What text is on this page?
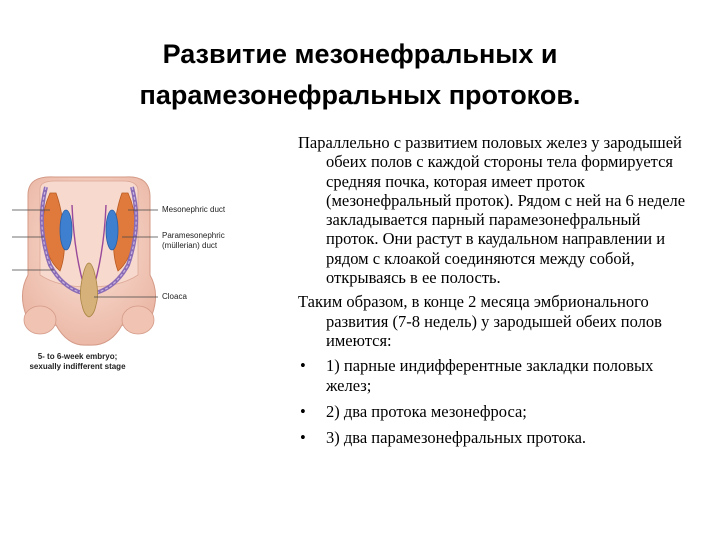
Развитие мезонефральных и
парамезонефральных протоков.
Mesonephric duct
Paramesonephric
(müllerian) duct
Cloaca
5- to 6-week embryo;
sexually indifferent stage

Параллельно с развитием половых желез у зародышей обеих полов с каждой стороны тела формируется средняя почка, которая имеет проток (мезонефральный проток). Рядом с ней на 6 неделе закладывается парный парамезонефральный проток. Они растут в каудальном направлении и рядом с клоакой соединяются между собой, открываясь в ее полость.

Таким образом, в конце 2 месяца эмбрионального развития (7-8 недель) у зародышей обеих полов имеются:

• 1) парные индифферентные закладки половых желез;
• 2) два протока мезонефроса;
• 3) два парамезонефральных протока.
